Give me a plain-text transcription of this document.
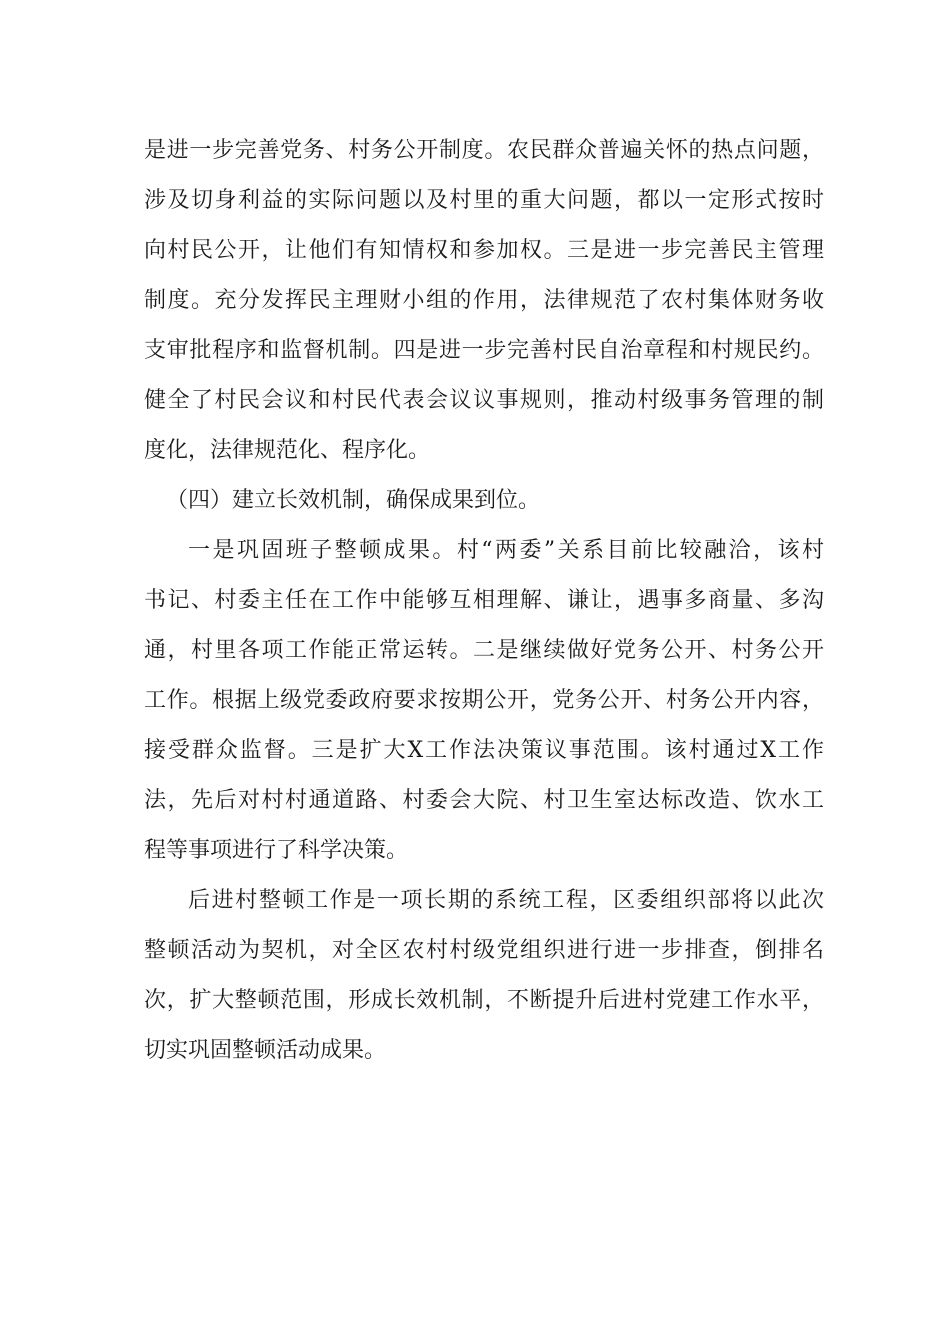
是进一步完善党务、村务公开制度。农民群众普遍关怀的热点问题，
涉及切身利益的实际问题以及村里的重大问题，都以一定形式按时
向村民公开，让他们有知情权和参加权。三是进一步完善民主管理
制度。充分发挥民主理财小组的作用，法律规范了农村集体财务收
支审批程序和监督机制。四是进一步完善村民自治章程和村规民约。
健全了村民会议和村民代表会议议事规则，推动村级事务管理的制
度化，法律规范化、程序化。
（四）建立长效机制，确保成果到位。
一是巩固班子整顿成果。村“两委”关系目前比较融洽，该村
书记、村委主任在工作中能够互相理解、谦让，遇事多商量、多沟
通，村里各项工作能正常运转。二是继续做好党务公开、村务公开
工作。根据上级党委政府要求按期公开，党务公开、村务公开内容，
接受群众监督。三是扩大X工作法决策议事范围。该村通过X工作
法，先后对村村通道路、村委会大院、村卫生室达标改造、饮水工
程等事项进行了科学决策。
后进村整顿工作是一项长期的系统工程，区委组织部将以此次
整顿活动为契机，对全区农村村级党组织进行进一步排查，倒排名
次，扩大整顿范围，形成长效机制，不断提升后进村党建工作水平，
切实巩固整顿活动成果。
